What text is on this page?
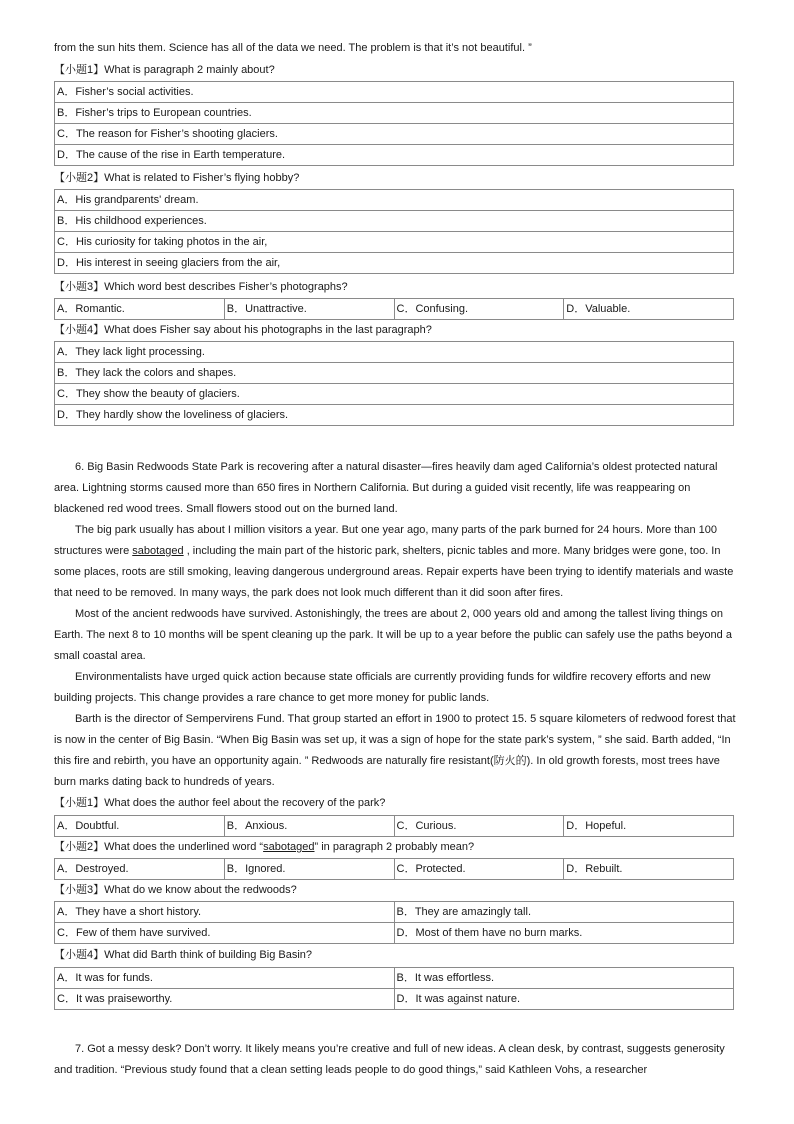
from the sun hits them. Science has all of the data we need. The problem is that it’s not beautiful. ”

【小题1】What is paragraph 2 mainly about?

A．Fisher’s social activities.
B．Fisher’s trips to European countries.
C．The reason for Fisher’s shooting glaciers.
D．The cause of the rise in Earth temperature.

【小题2】What is related to Fisher’s flying hobby?

A．His grandparents' dream.
B．His childhood experiences.
C．His curiosity for taking photos in the air,
D．His interest in seeing glaciers from the air,

【小题3】Which word best describes Fisher’s photographs?

A．Romantic.	B．Unattractive.	C．Confusing.	D．Valuable.

【小题4】What does Fisher say about his photographs in the last paragraph?

A．They lack light processing.
B．They lack the colors and shapes.
C．They show the beauty of glaciers.
D．They hardly show the loveliness of glaciers.

6. Big Basin Redwoods State Park is recovering after a natural disaster—fires heavily dam aged California’s oldest protected natural area. Lightning storms caused more than 650 fires in Northern California. But during a guided visit recently, life was reappearing on blackened red wood trees. Small flowers stood out on the burned land.

The big park usually has about I million visitors a year. But one year ago, many parts of the park burned for 24 hours. More than 100 structures were sabotaged , including the main part of the historic park, shelters, picnic tables and more. Many bridges were gone, too. In some places, roots are still smoking, leaving dangerous underground areas. Repair experts have been trying to identify materials and waste that need to be removed. In many ways, the park does not look much different than it did soon after fires.

Most of the ancient redwoods have survived. Astonishingly, the trees are about 2, 000 years old and among the tallest living things on Earth. The next 8 to 10 months will be spent cleaning up the park. It will be up to a year before the public can safely use the paths beyond a small coastal area.

Environmentalists have urged quick action because state officials are currently providing funds for wildfire recovery efforts and new building projects. This change provides a rare chance to get more money for public lands.

Barth is the director of Sempervirens Fund. That group started an effort in 1900 to protect 15. 5 square kilometers of redwood forest that is now in the center of Big Basin. “When Big Basin was set up, it was a sign of hope for the state park’s system, ” she said. Barth added, “In this fire and rebirth, you have an opportunity again. ” Redwoods are naturally fire resistant(防火的). In old growth forests, most trees have burn marks dating back to hundreds of years.

【小题1】What does the author feel about the recovery of the park?

A．Doubtful.	B．Anxious.	C．Curious.	D．Hopeful.

【小题2】What does the underlined word “sabotaged” in paragraph 2 probably mean?

A．Destroyed.	B．Ignored.	C．Protected.	D．Rebuilt.

【小题3】What do we know about the redwoods?

A．They have a short history.	B．They are amazingly tall.
C．Few of them have survived.	D．Most of them have no burn marks.

【小题4】What did Barth think of building Big Basin?

A．It was for funds.	B．It was effortless.
C．It was praiseworthy.	D．It was against nature.

7. Got a messy desk? Don’t worry. It likely means you’re creative and full of new ideas. A clean desk, by contrast, suggests generosity and tradition. “Previous study found that a clean setting leads people to do good things,” said Kathleen Vohs, a researcher
